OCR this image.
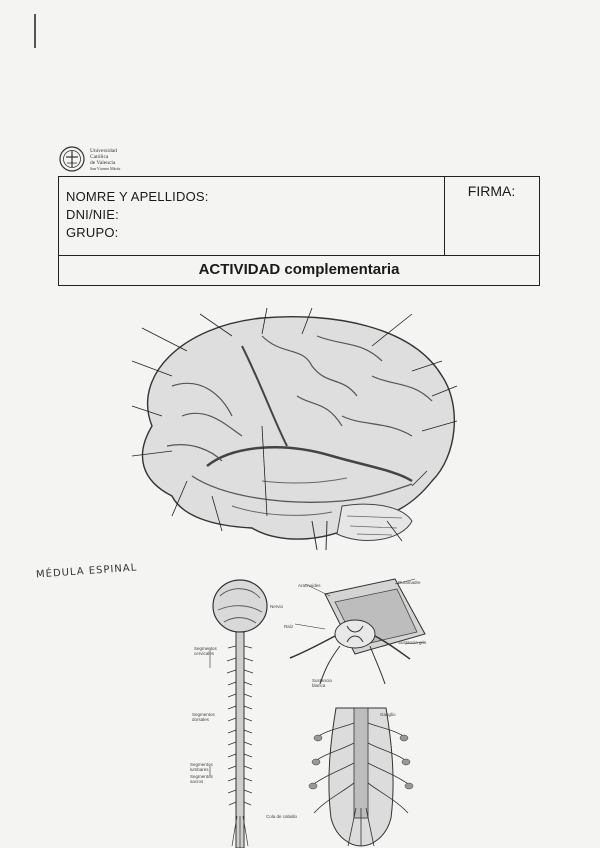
Universidad
Católica
de Valencia
San Vicente Mártir
NOMRE Y APELLIDOS:
DNI/NIE:
GRUPO:
FIRMA:
ACTIVIDAD complementaria
MÉDULA ESPINAL
Segmentos cervicales
Segmentos dorsales
Segmentos lumbares
Segmentos sacros
Nervio
Cola de caballo
Aracnoides
Duramadre
Sustancia gris
Sustancia blanca
Raíz
Ganglio
